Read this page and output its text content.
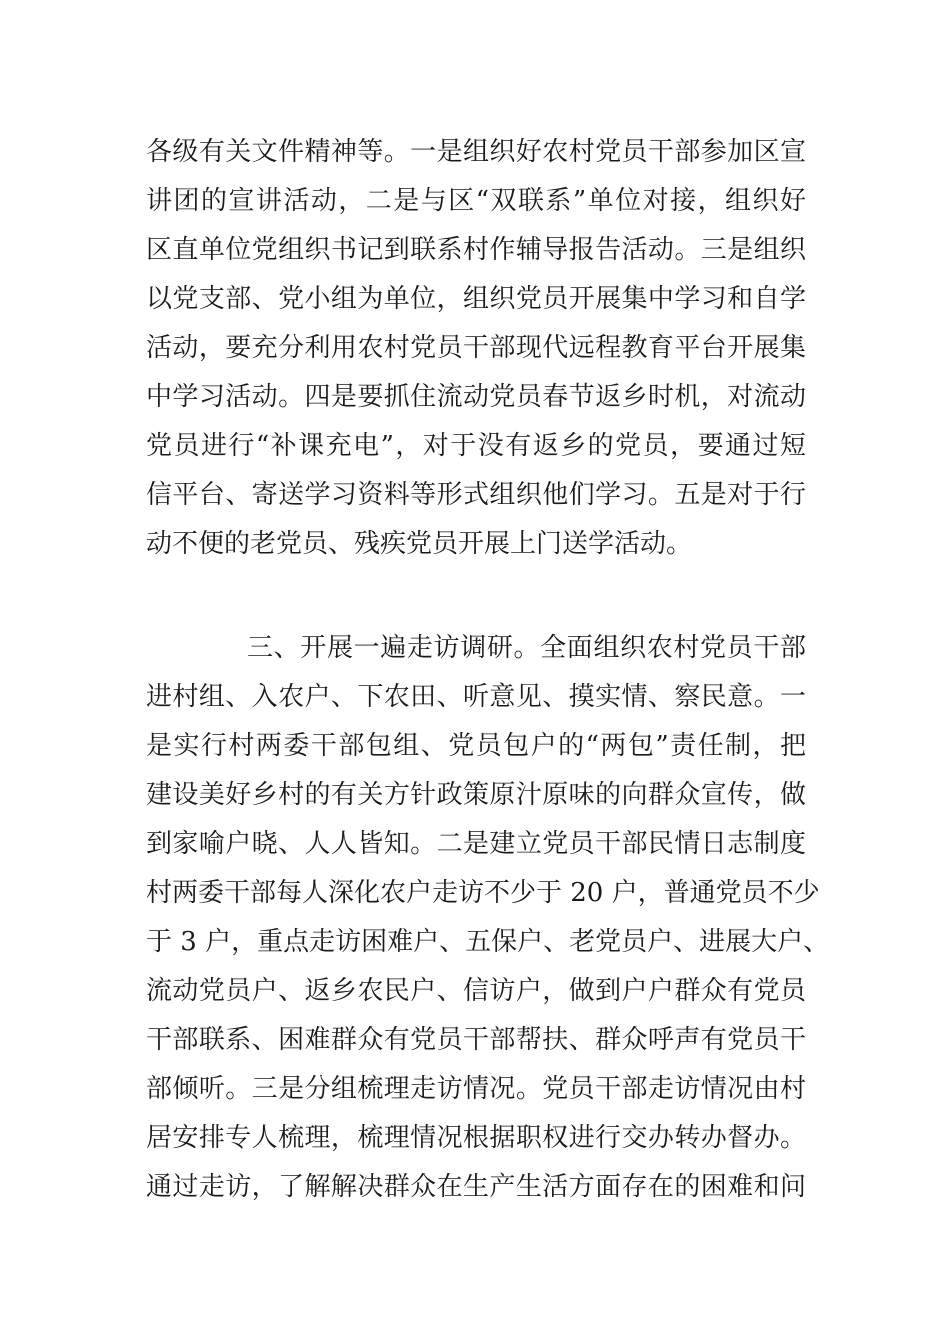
各级有关文件精神等。一是组织好农村党员干部参加区宣
讲团的宣讲活动，二是与区“双联系”单位对接，组织好
区直单位党组织书记到联系村作辅导报告活动。三是组织
以党支部、党小组为单位，组织党员开展集中学习和自学
活动，要充分利用农村党员干部现代远程教育平台开展集
中学习活动。四是要抓住流动党员春节返乡时机，对流动
党员进行“补课充电”，对于没有返乡的党员，要通过短
信平台、寄送学习资料等形式组织他们学习。五是对于行
动不便的老党员、残疾党员开展上门送学活动。
三、开展一遍走访调研。全面组织农村党员干部
进村组、入农户、下农田、听意见、摸实情、察民意。一
是实行村两委干部包组、党员包户的“两包”责任制，把
建设美好乡村的有关方针政策原汁原味的向群众宣传，做
到家喻户晓、人人皆知。二是建立党员干部民情日志制度
村两委干部每人深化农户走访不少于 20 户，普通党员不少
于 3 户，重点走访困难户、五保户、老党员户、进展大户、
流动党员户、返乡农民户、信访户，做到户户群众有党员
干部联系、困难群众有党员干部帮扶、群众呼声有党员干
部倾听。三是分组梳理走访情况。党员干部走访情况由村
居安排专人梳理，梳理情况根据职权进行交办转办督办。
通过走访，了解解决群众在生产生活方面存在的困难和问
